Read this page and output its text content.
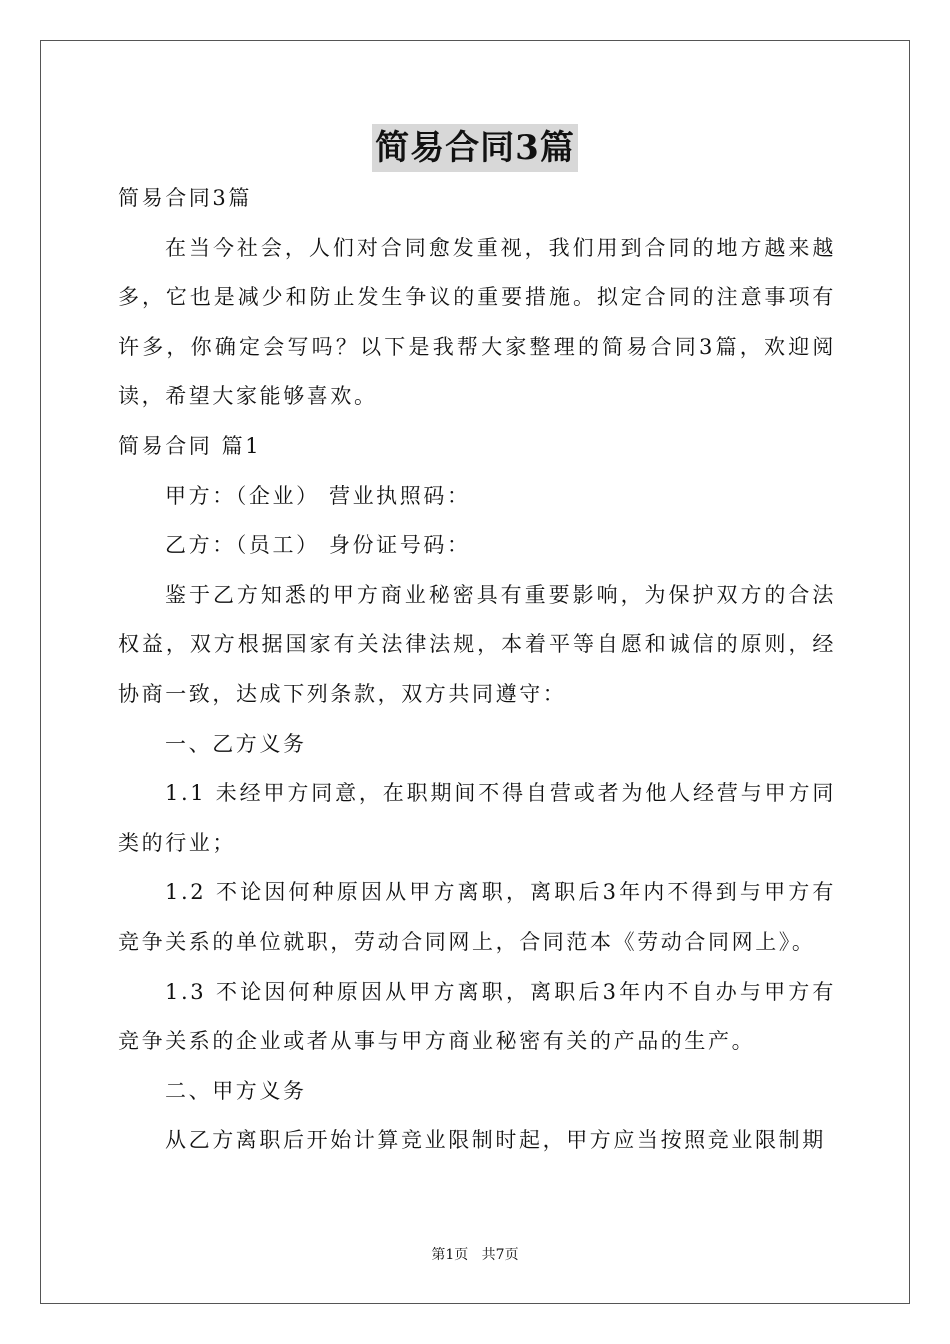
简易合同3篇

简易合同3篇

在当今社会，人们对合同愈发重视，我们用到合同的地方越来越多，它也是减少和防止发生争议的重要措施。拟定合同的注意事项有许多，你确定会写吗？以下是我帮大家整理的简易合同3篇，欢迎阅读，希望大家能够喜欢。

简易合同 篇1

甲方：（企业） 营业执照码：

乙方：（员工） 身份证号码：

鉴于乙方知悉的甲方商业秘密具有重要影响，为保护双方的合法权益，双方根据国家有关法律法规，本着平等自愿和诚信的原则，经协商一致，达成下列条款，双方共同遵守：

一、乙方义务

1.1 未经甲方同意，在职期间不得自营或者为他人经营与甲方同类的行业；

1.2 不论因何种原因从甲方离职，离职后3年内不得到与甲方有竞争关系的单位就职，劳动合同网上，合同范本《劳动合同网上》。

1.3 不论因何种原因从甲方离职，离职后3年内不自办与甲方有竞争关系的企业或者从事与甲方商业秘密有关的产品的生产。

二、甲方义务

从乙方离职后开始计算竞业限制时起，甲方应当按照竞业限制期

第1页 共7页
